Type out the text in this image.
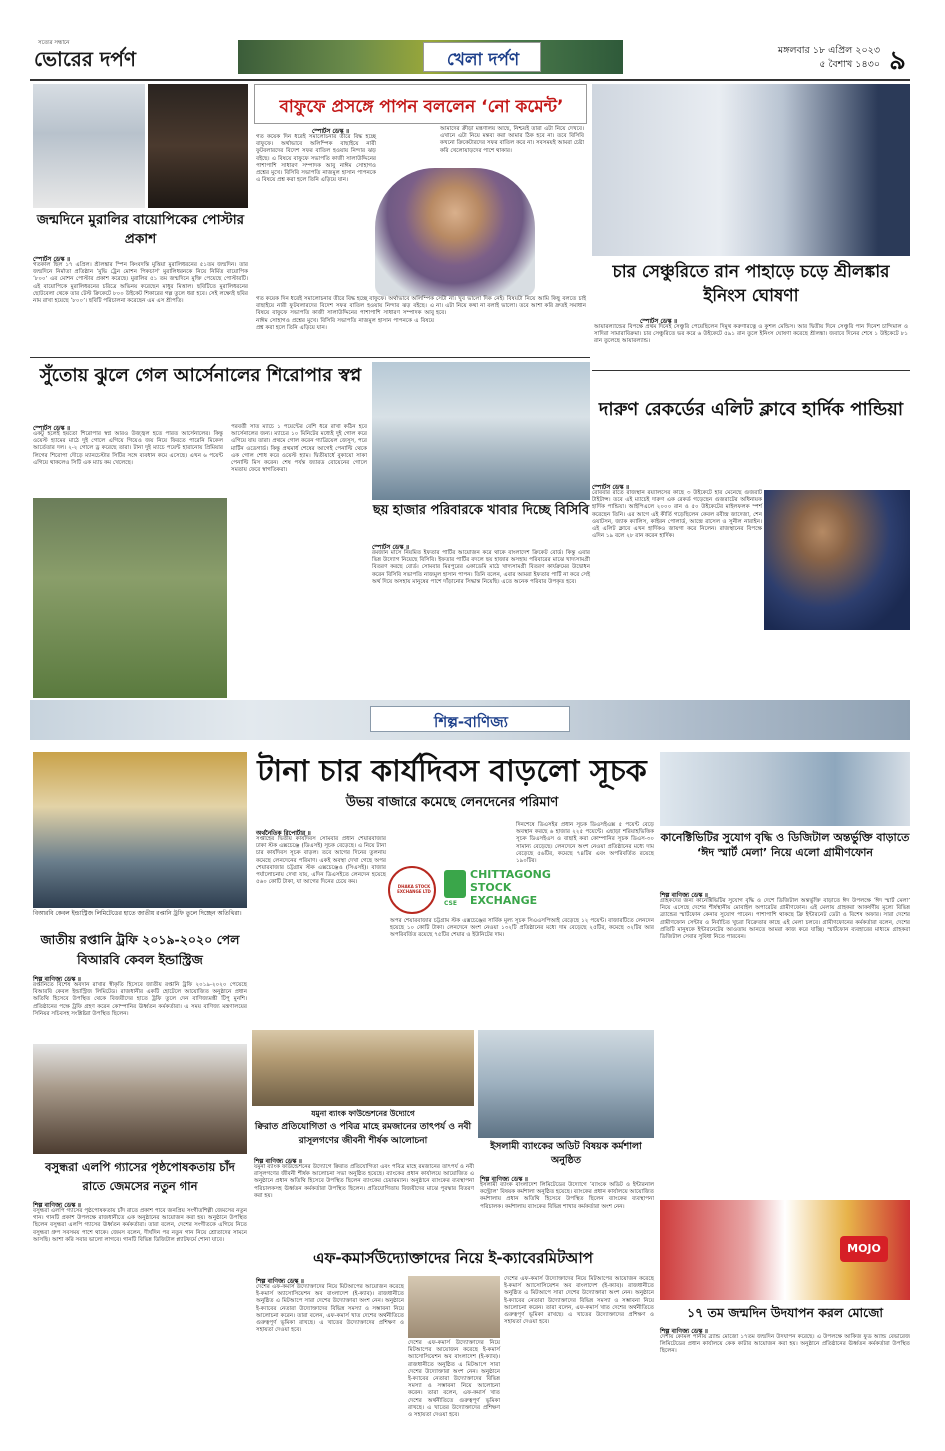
সত্যের সন্ধানে
ভোরের দর্পণ	খেলা দর্পণ	মঙ্গলবার ১৮ এপ্রিল ২০২৩
৫ বৈশাখ ১৪৩০ ৯
জন্মদিনে মুরালির বায়োপিকের পোস্টার প্রকাশ
স্পোর্টস ডেস্ক ॥
গতকাল ছিল ১৭ এপ্রিল। শ্রীলঙ্কার স্পিন কিংবদন্তি মুত্তিয়া মুরালিধরনের ৫১তম জন্মদিন। তার জন্মদিনে নির্মাতা প্রতিষ্ঠান ‘মুভি ট্রেন মোশন পিকচার্স’ মুরালিধরনকে নিয়ে নির্মিত বায়োপিক ‘৮০০’ এর মোশন পোস্টার প্রকাশ করেছে। মুরালির ৫১ তম জন্মদিনে মুক্তি পেয়েছে পোস্টারটি। এই বায়োপিকে মুরালিধরনের চরিত্রে অভিনয় করেছেন মাধুর মিত্তাল। ছবিটিতে মুরালিধরনের ছোটবেলা থেকে তার টেস্ট ক্রিকেটে ৮০০ উইকেট শিকারের গল্প তুলে ধরা হবে। সেই লক্ষ্যেই ছবির নাম রাখা হয়েছে ‘৮০০’। ছবিটি পরিচালনা করেছেন এম এস শ্রীপতি।
বাফুফে প্রসঙ্গে পাপন বললেন ‘নো কমেন্ট’
স্পোর্টস ডেস্ক ॥
গত কয়েক দিন ধরেই সমালোচনার তীরে বিদ্ধ হচ্ছে বাফুফে। অর্থাভাবে অলিম্পিক বাছাইয়ে নারী ফুটবলারদের বিদেশ সফর বাতিল হওয়ায় নিন্দার ঝড় বইছে। এ বিষয়ে বাফুফে সভাপতি কাজী সালাউদ্দিনের পাশাপাশি সাধারণ সম্পাদক আবু নাঈম সোহাগও প্রশ্নের মুখে। বিসিবি সভাপতি নাজমুল হাসান পাপনকে এ বিষয়ে প্রশ্ন করা হলে তিনি এড়িয়ে যান।
আমাদের ক্রীড়া মন্ত্রণালয় আছে, নিশ্চয়ই তারা এটা নিয়ে দেখবে। এখানে এটা নিয়ে মন্তব্য করা আমার ঠিক হবে না। তবে বিসিবি কখনো ক্রিকেটারদের সফর বাতিল করে না। সবসময়ই আমরা চেষ্টা করি খেলোয়াড়দের পাশে থাকার।
সেটা না। খুব ভালো দিক নেই। বিষয়টা নিয়ে আমি কিছু বলতে চাই না। এটা নিয়ে কথা না বলাই ভালো। তবে আশা করি দ্রুতই সমাধান হবে।
গত কয়েক দিন ধরেই সমালোচনার তীরে বিদ্ধ হচ্ছে বাফুফে। অর্থাভাবে অলিম্পিক বাছাইয়ে নারী ফুটবলারদের বিদেশ সফর বাতিল হওয়ায় নিন্দার ঝড় বইছে। এ বিষয়ে বাফুফে সভাপতি কাজী সালাউদ্দিনের পাশাপাশি সাধারণ সম্পাদক আবু নাঈম সোহাগও প্রশ্নের মুখে। বিসিবি সভাপতি নাজমুল হাসান পাপনকে এ বিষয়ে প্রশ্ন করা হলে তিনি এড়িয়ে যান।
চার সেঞ্চুরিতে রান পাহাড়ে চড়ে শ্রীলঙ্কার ইনিংস ঘোষণা
স্পোর্টস ডেস্ক ॥
আয়ারল্যান্ডের বিপক্ষে প্রথম দিনেই সেঞ্চুরি পেয়েছিলেন দিমুথ করুণারত্নে ও কুশল মেন্ডিস। আর দ্বিতীয় দিনে সেঞ্চুরি পান দিনেশ চান্দিমাল ও সাদিরা সামারাবিক্রমা। চার সেঞ্চুরিতে ভর করে ৬ উইকেটে ৫৯১ রান তুলে ইনিংস ঘোষণা করেছে শ্রীলঙ্কা। জবাবে দিনের শেষে ১ উইকেটে ৮১ রান তুলেছে আয়ারল্যান্ড।
সুঁতোয় ঝুলে গেল আর্সেনালের শিরোপার স্বপ্ন
স্পোর্টস ডেস্ক ॥
একটু হলেই হয়তো শিরোপার স্বপ্ন আরও উজ্জ্বল হতে পারত আর্সেনালের। কিন্তু ওয়েস্ট হ্যামের মাঠে দুই গোলে এগিয়ে গিয়েও জয় নিয়ে ফিরতে পারেনি মিকেল আর্তেতার দল। ২-২ গোলে ড্র করেছে তারা। টানা দুই ম্যাচে পয়েন্ট হারানোয় প্রিমিয়ার লিগের শিরোপা দৌড়ে ম্যানচেস্টার সিটির সঙ্গে ব্যবধান কমে এসেছে। এখন ৬ পয়েন্ট এগিয়ে থাকলেও সিটি এক ম্যাচ কম খেলেছে।
পরবর্তী সাত ম্যাচে ১ পয়েন্টের বেশি ধরে রাখা কঠিন হবে আর্সেনালের জন্য। ম্যাচের ১০ মিনিটের মধ্যেই দুই গোল করে এগিয়ে যায় তারা। প্রথমে গোল করেন গ্যাব্রিয়েল জেসুস, পরে মার্টিন ওডেগার্ড। কিন্তু প্রথমার্ধ শেষের আগেই পেনাল্টি থেকে এক গোল শোধ করে ওয়েস্ট হ্যাম। দ্বিতীয়ার্ধে বুকায়ো সাকা পেনাল্টি মিস করেন। শেষ পর্যন্ত জ্যারড বোয়েনের গোলে সমতায় ফেরে স্বাগতিকরা।
ছয় হাজার পরিবারকে খাবার দিচ্ছে বিসিবি
স্পোর্টস ডেস্ক ॥
রমজান মাসে নিয়মিত ইফতার পার্টির আয়োজন করে থাকে বাংলাদেশ ক্রিকেট বোর্ড। কিন্তু এবার ভিন্ন উদ্যোগ নিয়েছে বিসিবি। ইফতার পার্টির বদলে ছয় হাজার অসহায় পরিবারের মাঝে খাদ্যসামগ্রী বিতরণ করছে বোর্ড। সোমবার মিরপুরের একাডেমি মাঠে খাদ্যসামগ্রী বিতরণ কার্যক্রমের উদ্বোধন করেন বিসিবি সভাপতি নাজমুল হাসান পাপন। তিনি বলেন, এবার আমরা ইফতার পার্টি না করে সেই অর্থ দিয়ে অসহায় মানুষের পাশে দাঁড়ানোর সিদ্ধান্ত নিয়েছি। এতে অনেক পরিবার উপকৃত হবে।
দারুণ রেকর্ডের এলিট ক্লাবে হার্দিক পান্ডিয়া
স্পোর্টস ডেস্ক ॥
রোববার রাতে রাজস্থান রয়্যালসের কাছে ৩ উইকেটে হার মেনেছে গুজরাট টাইটান্স। তবে এই ম্যাচেই দারুণ এক রেকর্ড গড়েছেন গুজরাটের অধিনায়ক হার্দিক পান্ডিয়া। আইপিএলে ২০০০ রান ও ৫০ উইকেটের মাইলফলক স্পর্শ করেছেন তিনি। এর আগে এই কীর্তি গড়েছিলেন কেবল রবীন্দ্র জাদেজা, শেন ওয়াটসন, জ্যাক ক্যালিস, কাইরন পোলার্ড, আন্দ্রে রাসেল ও সুনীল নারাইন। এই এলিট ক্লাবে এখন হার্দিকও জায়গা করে নিলেন। রাজস্থানের বিপক্ষে এদিন ১৯ বলে ২৮ রান করেন হার্দিক।
শিল্প-বাণিজ্য
বিআরবি কেবল ইন্ডাস্ট্রিজ লিমিটেডের হাতে জাতীয় রপ্তানি ট্রফি তুলে দিচ্ছেন অতিথিরা।
জাতীয় রপ্তানি ট্রফি ২০১৯-২০২০ পেল বিআরবি কেবল ইন্ডাস্ট্রিজ
শিল্প বাণিজ্য ডেস্ক ॥
রপ্তানিতে বিশেষ অবদান রাখার স্বীকৃতি হিসেবে জাতীয় রপ্তানি ট্রফি ২০১৯-২০২০ পেয়েছে বিআরবি কেবল ইন্ডাস্ট্রিজ লিমিটেড। রাজধানীর একটি হোটেলে আয়োজিত অনুষ্ঠানে প্রধান অতিথি হিসেবে উপস্থিত থেকে বিজয়ীদের হাতে ট্রফি তুলে দেন বাণিজ্যমন্ত্রী টিপু মুনশি। প্রতিষ্ঠানের পক্ষে ট্রফি গ্রহণ করেন কোম্পানির ঊর্ধ্বতন কর্মকর্তারা। এ সময় বাণিজ্য মন্ত্রণালয়ের সিনিয়র সচিবসহ সংশ্লিষ্টরা উপস্থিত ছিলেন।
টানা চার কার্যদিবস বাড়লো সূচক
উভয় বাজারে কমেছে লেনদেনের পরিমাণ
অর্থনৈতিক রিপোর্টার ॥
সপ্তাহের দ্বিতীয় কার্যদিবস সোমবার প্রধান শেয়ারবাজার ঢাকা স্টক এক্সচেঞ্জে (ডিএসই) সূচক বেড়েছে। এ নিয়ে টানা চার কার্যদিবস সূচক বাড়ল। তবে আগের দিনের তুলনায় কমেছে লেনদেনের পরিমাণ। একই অবস্থা দেখা গেছে অপর শেয়ারবাজার চট্টগ্রাম স্টক এক্সচেঞ্জেও (সিএসই)। বাজার পর্যালোচনায় দেখা যায়, এদিন ডিএসইতে লেনদেন হয়েছে ৫৬০ কোটি টাকা, যা আগের দিনের চেয়ে কম।
DHAKA STOCK EXCHANGE LTD
CSE
CHITTAGONG
STOCK
EXCHANGE
দিনশেষে ডিএসইর প্রধান সূচক ডিএসইএক্স ৫ পয়েন্ট বেড়ে অবস্থান করছে ৬ হাজার ২২৫ পয়েন্টে। এছাড়া শরিয়াহভিত্তিক সূচক ডিএসইএস ও বাছাই করা কোম্পানির সূচক ডিএস-৩০ সামান্য বেড়েছে। লেনদেনে অংশ নেওয়া প্রতিষ্ঠানের মধ্যে দাম বেড়েছে ৫৬টির, কমেছে ৭৪টির এবং অপরিবর্তিত রয়েছে ১৯০টির।
অপর শেয়ারবাজার চট্টগ্রাম স্টক এক্সচেঞ্জের সার্বিক মূল্য সূচক সিএএসপিআই বেড়েছে ১২ পয়েন্ট। বাজারটিতে লেনদেন হয়েছে ১০ কোটি টাকা। লেনদেনে অংশ নেওয়া ১৩২টি প্রতিষ্ঠানের মধ্যে দাম বেড়েছে ২৫টির, কমেছে ৩২টির আর অপরিবর্তিত রয়েছে ৭৫টির শেয়ার ও ইউনিটের দাম।
কানেক্টিভিটির সুযোগ বৃদ্ধি ও ডিজিটাল অন্তর্ভুক্তি বাড়াতে ‘ঈদ স্মার্ট মেলা’ নিয়ে এলো গ্রামীণফোন
শিল্প বাণিজ্য ডেস্ক ॥
গ্রাহকদের জন্য কানেক্টিভিটির সুযোগ বৃদ্ধি ও দেশে ডিজিটাল অন্তর্ভুক্তি বাড়াতে ঈদ উপলক্ষে ‘ঈদ স্মার্ট মেলা’ নিয়ে এসেছে দেশের শীর্ষস্থানীয় মোবাইল অপারেটর গ্রামীণফোন। এই মেলায় গ্রাহকরা আকর্ষণীয় মূল্যে বিভিন্ন ব্র্যান্ডের স্মার্টফোন কেনার সুযোগ পাবেন। পাশাপাশি থাকছে ফ্রি ইন্টারনেট ডেটা ও বিশেষ অফার। সারা দেশের গ্রামীণফোন সেন্টার ও নির্বাচিত খুচরা বিক্রেতার কাছে এই মেলা চলবে। গ্রামীণফোনের কর্মকর্তারা বলেন, দেশের প্রতিটি মানুষকে ইন্টারনেটের আওতায় আনতে আমরা কাজ করে যাচ্ছি। স্মার্টফোন ব্যবহারের মাধ্যমে গ্রাহকরা ডিজিটাল সেবার সুবিধা নিতে পারবেন।
যমুনা ব্যাংক ফাউন্ডেশনের উদ্যোগে
ক্বিরাত প্রতিযোগিতা ও পবিত্র মাহে রমজানের তাৎপর্য ও নবী রাসূলগণের জীবনী শীর্ষক আলোচনা
শিল্প বাণিজ্য ডেস্ক ॥
যমুনা ব্যাংক ফাউন্ডেশনের উদ্যোগে ক্বিরাত প্রতিযোগিতা এবং পবিত্র মাহে রমজানের তাৎপর্য ও নবী রাসূলগণের জীবনী শীর্ষক আলোচনা সভা অনুষ্ঠিত হয়েছে। ব্যাংকের প্রধান কার্যালয়ে আয়োজিত এ অনুষ্ঠানে প্রধান অতিথি হিসেবে উপস্থিত ছিলেন ব্যাংকের চেয়ারম্যান। অনুষ্ঠানে ব্যাংকের ব্যবস্থাপনা পরিচালকসহ ঊর্ধ্বতন কর্মকর্তারা উপস্থিত ছিলেন। প্রতিযোগিতায় বিজয়ীদের মাঝে পুরস্কার বিতরণ করা হয়।
ইসলামী ব্যাংকের অডিট বিষয়ক কর্মশালা অনুষ্ঠিত
শিল্প বাণিজ্য ডেস্ক ॥
ইসলামী ব্যাংক বাংলাদেশ লিমিটেডের উদ্যোগে ‘ব্যাংকে অডিট ও ইন্টারনাল কন্ট্রোল’ বিষয়ক কর্মশালা অনুষ্ঠিত হয়েছে। ব্যাংকের প্রধান কার্যালয়ে আয়োজিত কর্মশালায় প্রধান অতিথি হিসেবে উপস্থিত ছিলেন ব্যাংকের ব্যবস্থাপনা পরিচালক। কর্মশালায় ব্যাংকের বিভিন্ন শাখার কর্মকর্তারা অংশ নেন।
বসুন্ধরা এলপি গ্যাসের পৃষ্ঠপোষকতায় চাঁদ রাতে জেমসের নতুন গান
শিল্প বাণিজ্য ডেস্ক ॥
বসুন্ধরা এলপি গ্যাসের পৃষ্ঠপোষকতায় চাঁদ রাতে প্রকাশ পাবে জনপ্রিয় সংগীতশিল্পী জেমসের নতুন গান। গানটি প্রকাশ উপলক্ষে রাজধানীতে এক অনুষ্ঠানের আয়োজন করা হয়। অনুষ্ঠানে উপস্থিত ছিলেন বসুন্ধরা এলপি গ্যাসের ঊর্ধ্বতন কর্মকর্তারা। তারা বলেন, দেশের সংগীতকে এগিয়ে নিতে বসুন্ধরা গ্রুপ সবসময় পাশে থাকে। জেমস বলেন, দীর্ঘদিন পর নতুন গান নিয়ে শ্রোতাদের সামনে আসছি। আশা করি সবার ভালো লাগবে। গানটি বিভিন্ন ডিজিটাল প্ল্যাটফর্মে শোনা যাবে।
এফ-কমার্সউদ্যোক্তাদের নিয়ে ই-ক্যাবেরমিটআপ
শিল্প বাণিজ্য ডেস্ক ॥
দেশের এফ-কমার্স উদ্যোক্তাদের নিয়ে মিটআপের আয়োজন করেছে ই-কমার্স অ্যাসোসিয়েশন অব বাংলাদেশ (ই-ক্যাব)। রাজধানীতে অনুষ্ঠিত এ মিটআপে সারা দেশের উদ্যোক্তারা অংশ নেন। অনুষ্ঠানে ই-ক্যাবের নেতারা উদ্যোক্তাদের বিভিন্ন সমস্যা ও সম্ভাবনা নিয়ে আলোচনা করেন। তারা বলেন, এফ-কমার্স খাত দেশের অর্থনীতিতে গুরুত্বপূর্ণ ভূমিকা রাখছে। এ খাতের উদ্যোক্তাদের প্রশিক্ষণ ও সহায়তা দেওয়া হবে।
দেশের এফ-কমার্স উদ্যোক্তাদের নিয়ে মিটআপের আয়োজন করেছে ই-কমার্স অ্যাসোসিয়েশন অব বাংলাদেশ (ই-ক্যাব)। রাজধানীতে অনুষ্ঠিত এ মিটআপে সারা দেশের উদ্যোক্তারা অংশ নেন। অনুষ্ঠানে ই-ক্যাবের নেতারা উদ্যোক্তাদের বিভিন্ন সমস্যা ও সম্ভাবনা নিয়ে আলোচনা করেন। তারা বলেন, এফ-কমার্স খাত দেশের অর্থনীতিতে গুরুত্বপূর্ণ ভূমিকা রাখছে। এ খাতের উদ্যোক্তাদের প্রশিক্ষণ ও সহায়তা দেওয়া হবে।
দেশের এফ-কমার্স উদ্যোক্তাদের নিয়ে মিটআপের আয়োজন করেছে ই-কমার্স অ্যাসোসিয়েশন অব বাংলাদেশ (ই-ক্যাব)। রাজধানীতে অনুষ্ঠিত এ মিটআপে সারা দেশের উদ্যোক্তারা অংশ নেন। অনুষ্ঠানে ই-ক্যাবের নেতারা উদ্যোক্তাদের বিভিন্ন সমস্যা ও সম্ভাবনা নিয়ে আলোচনা করেন। তারা বলেন, এফ-কমার্স খাত দেশের অর্থনীতিতে গুরুত্বপূর্ণ ভূমিকা রাখছে। এ খাতের উদ্যোক্তাদের প্রশিক্ষণ ও সহায়তা দেওয়া হবে।
MOJO
১৭ তম জন্মদিন উদযাপন করল মোজো
শিল্প বাণিজ্য ডেস্ক ॥
দেশীয় কোমল পানীয় ব্র্যান্ড মোজো ১৭তম জন্মদিন উদযাপন করেছে। এ উপলক্ষে আকিজ ফুড অ্যান্ড বেভারেজ লিমিটেডের প্রধান কার্যালয়ে কেক কাটার আয়োজন করা হয়। অনুষ্ঠানে প্রতিষ্ঠানের ঊর্ধ্বতন কর্মকর্তারা উপস্থিত ছিলেন।
